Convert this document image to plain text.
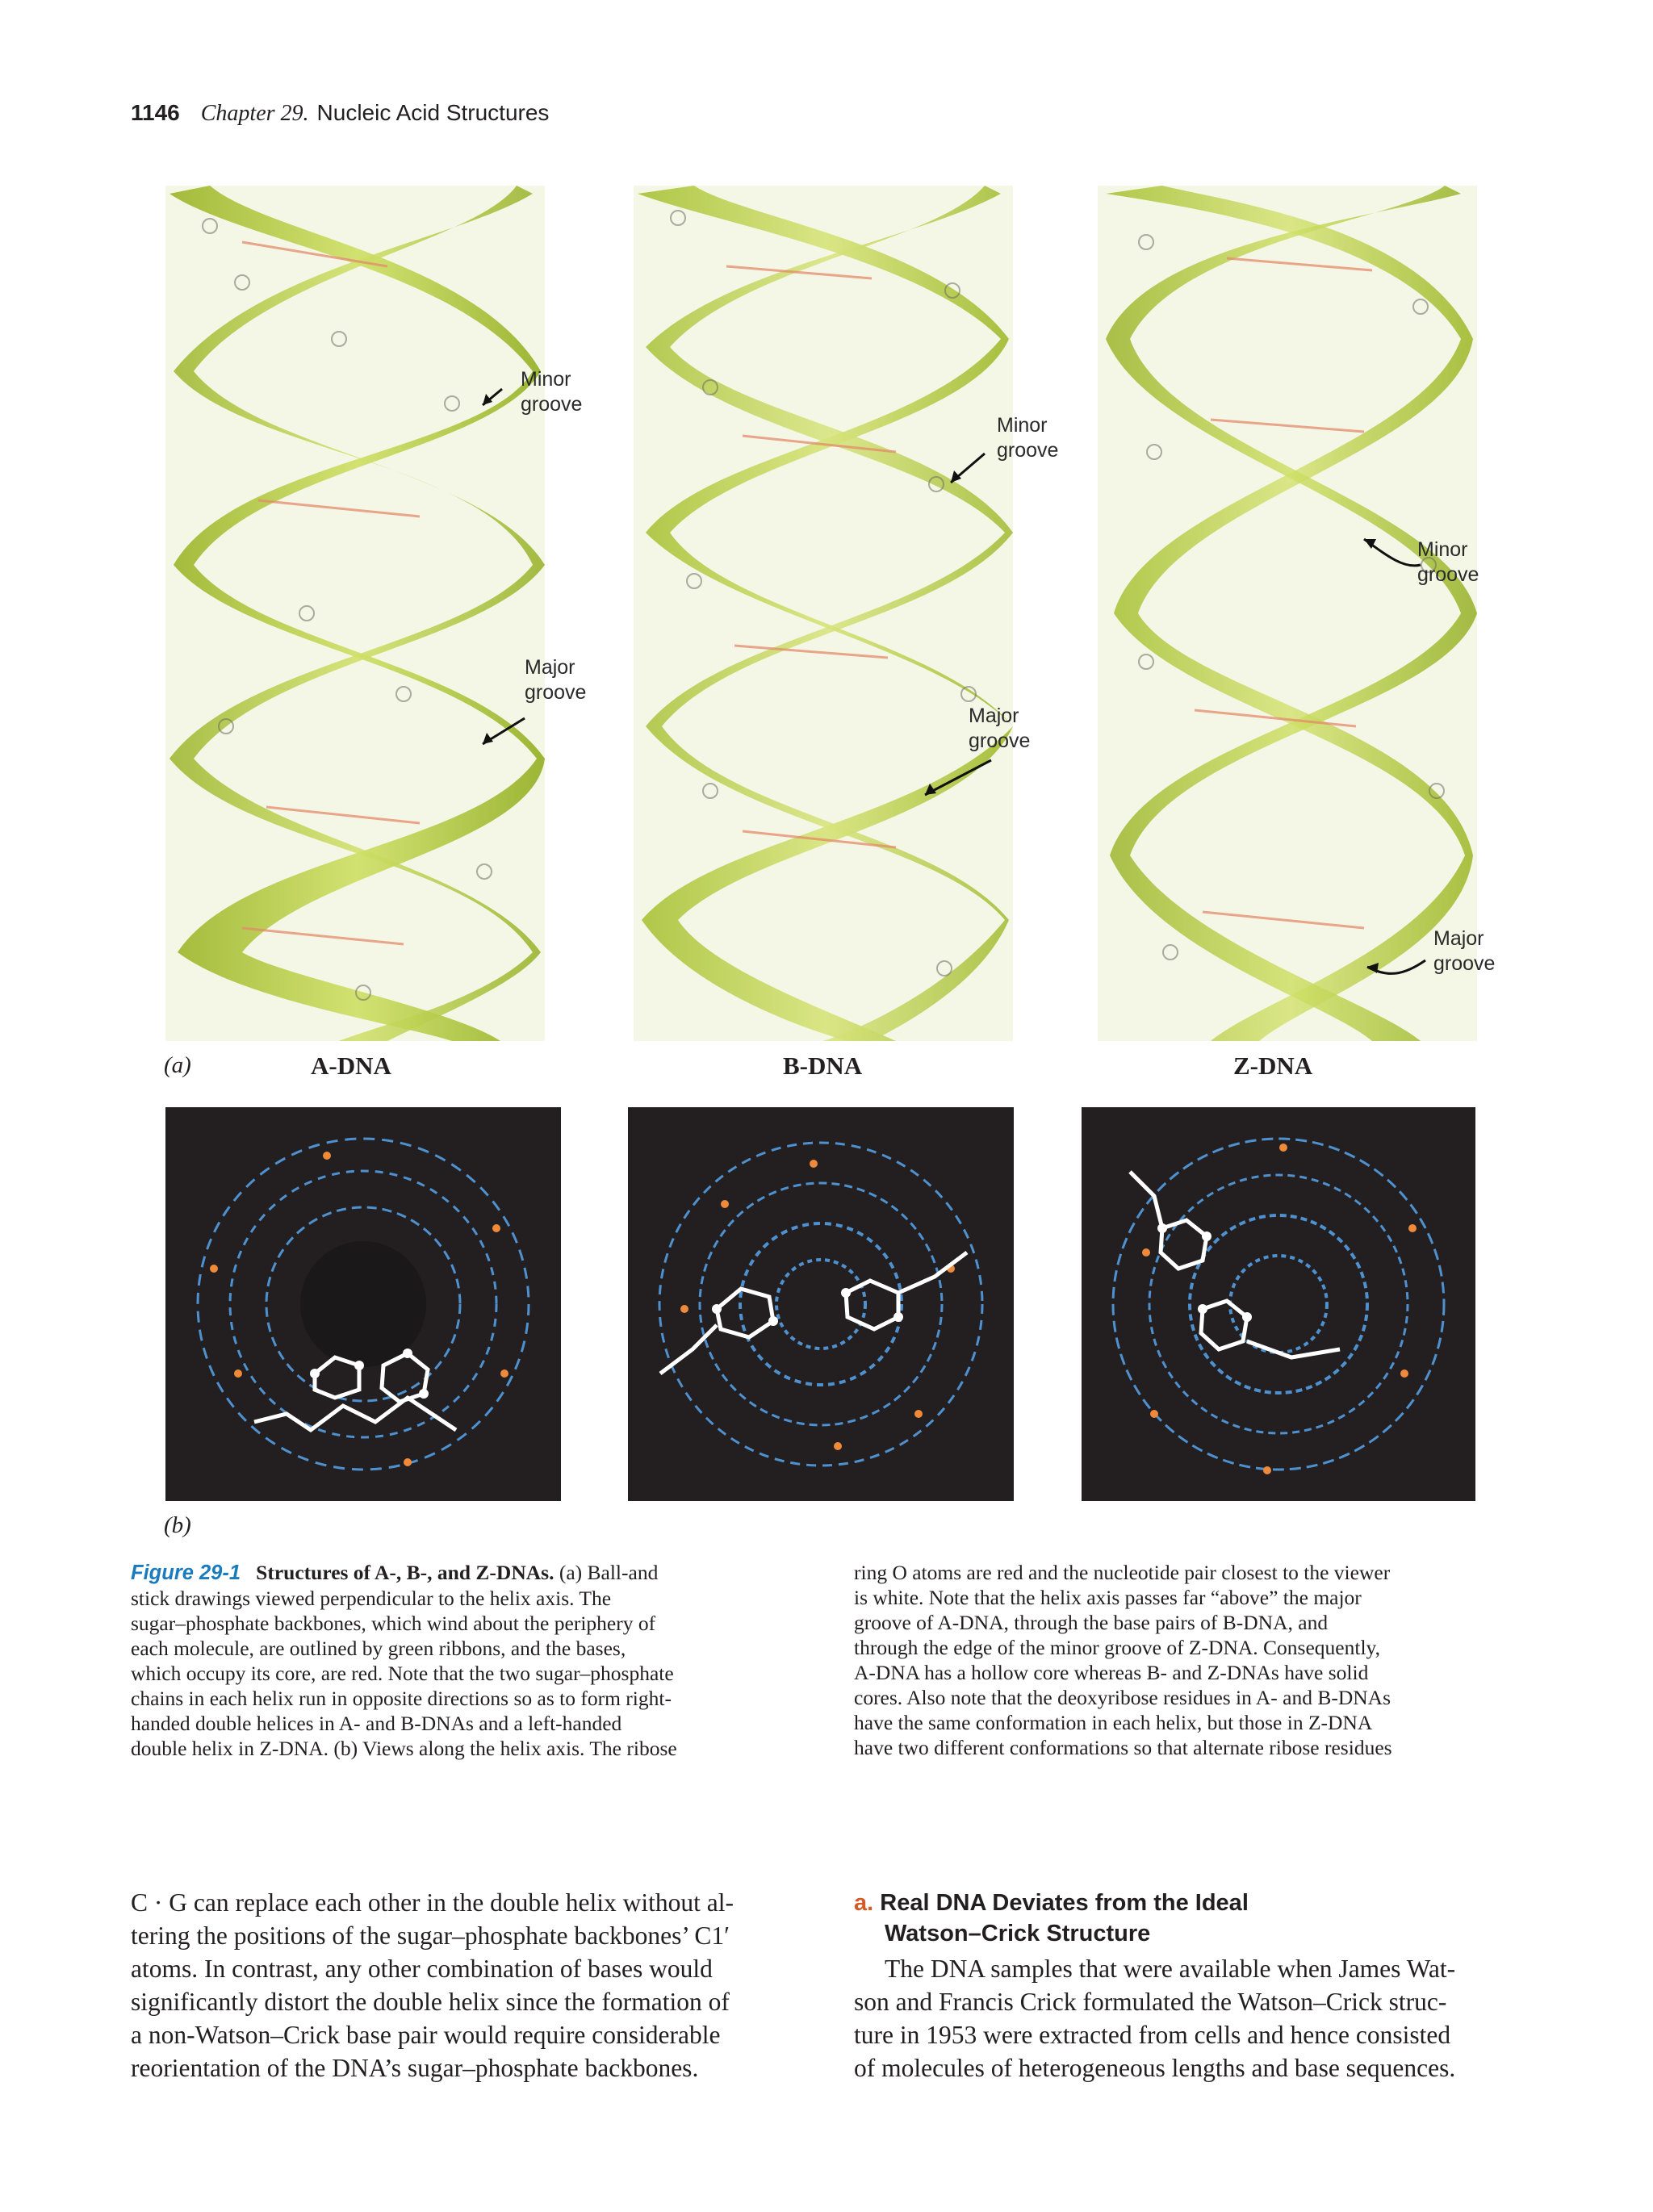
1146 Chapter 29. Nucleic Acid Structures
Minor
groove
Major
groove
Minor
groove
Major
groove
Minor
groove
Major
groove
(a)	A-DNA	B-DNA	Z-DNA
(b)
Figure 29-1 Structures of A-, B-, and Z-DNAs. (a) Ball-and
stick drawings viewed perpendicular to the helix axis. The
sugar–phosphate backbones, which wind about the periphery of
each molecule, are outlined by green ribbons, and the bases,
which occupy its core, are red. Note that the two sugar–phosphate
chains in each helix run in opposite directions so as to form right-
handed double helices in A- and B-DNAs and a left-handed
double helix in Z-DNA. (b) Views along the helix axis. The ribose
ring O atoms are red and the nucleotide pair closest to the viewer
is white. Note that the helix axis passes far “above” the major
groove of A-DNA, through the base pairs of B-DNA, and
through the edge of the minor groove of Z-DNA. Consequently,
A-DNA has a hollow core whereas B- and Z-DNAs have solid
cores. Also note that the deoxyribose residues in A- and B-DNAs
have the same conformation in each helix, but those in Z-DNA
have two different conformations so that alternate ribose residues
C · G can replace each other in the double helix without al-
tering the positions of the sugar–phosphate backbones’ C1′
atoms. In contrast, any other combination of bases would
significantly distort the double helix since the formation of
a non-Watson–Crick base pair would require considerable
reorientation of the DNA’s sugar–phosphate backbones.
a. Real DNA Deviates from the Ideal
Watson–Crick Structure
The DNA samples that were available when James Wat-
son and Francis Crick formulated the Watson–Crick struc-
ture in 1953 were extracted from cells and hence consisted
of molecules of heterogeneous lengths and base sequences.
